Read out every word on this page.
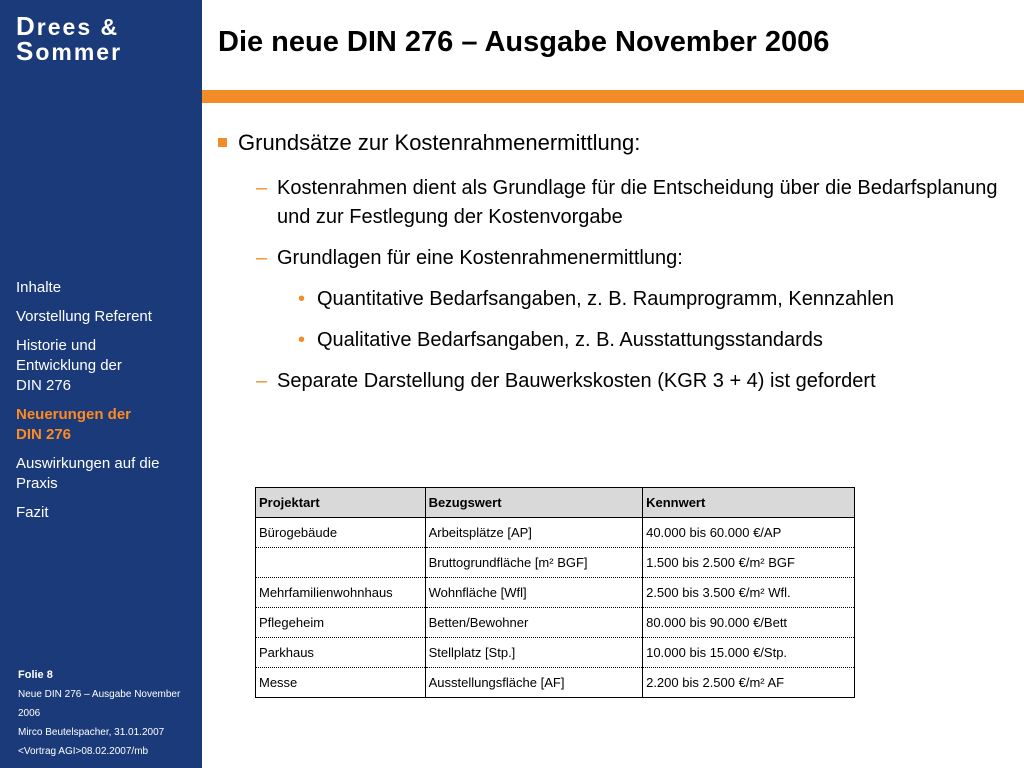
Drees &
Sommer
Inhalte
Vorstellung Referent
Historie und
Entwicklung der
DIN 276
Neuerungen der
DIN 276
Auswirkungen auf die
Praxis
Fazit
Folie 8
Neue DIN 276 – Ausgabe November 2006
Mirco Beutelspacher, 31.01.2007
<Vortrag AGI>08.02.2007/mb
Die neue DIN 276 – Ausgabe November 2006
Grundsätze zur Kostenrahmenermittlung:
– Kostenrahmen dient als Grundlage für die Entscheidung über die Bedarfsplanung und zur Festlegung der Kostenvorgabe
– Grundlagen für eine Kostenrahmenermittlung:
• Quantitative Bedarfsangaben, z. B. Raumprogramm, Kennzahlen
• Qualitative Bedarfsangaben, z. B. Ausstattungsstandards
– Separate Darstellung der Bauwerkskosten (KGR 3 + 4) ist gefordert
Projektart	Bezugswert	Kennwert
Bürogebäude	Arbeitsplätze [AP]	40.000 bis 60.000 €/AP
	Bruttogrundfläche [m² BGF]	1.500 bis 2.500 €/m² BGF
Mehrfamilienwohnhaus	Wohnfläche [Wfl]	2.500 bis 3.500 €/m² Wfl.
Pflegeheim	Betten/Bewohner	80.000 bis 90.000 €/Bett
Parkhaus	Stellplatz [Stp.]	10.000 bis 15.000 €/Stp.
Messe	Ausstellungsfläche [AF]	2.200 bis 2.500 €/m² AF
